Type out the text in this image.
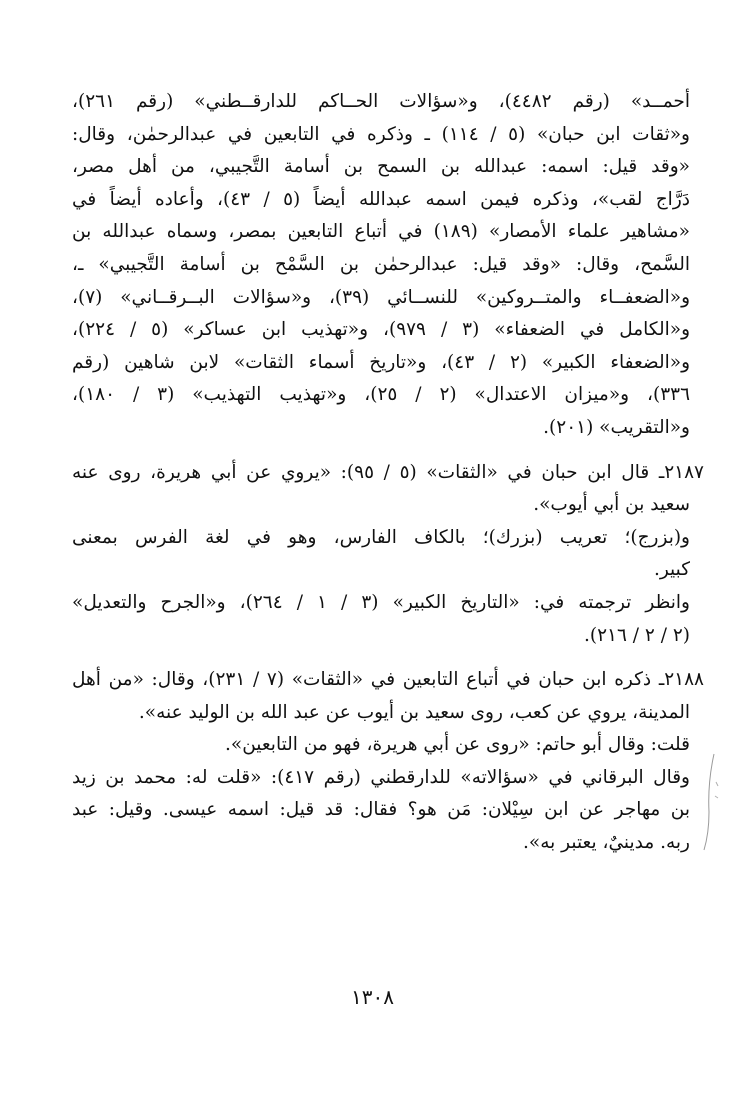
أحمــد» (رقم ٤٤٨٢)، و«سؤالات الحــاكم للدارقــطني» (رقم ٢٦١)،
و«ثقات ابن حبان» (٥ / ١١٤) ـ وذكره في التابعين في عبدالرحمٰن، وقال:
«وقد قيل: اسمه: عبدالله بن السمح بن أسامة التَّجيبي، من أهل مصر،
دَرَّاج لقب»، وذكره فيمن اسمه عبدالله أيضاً (٥ / ٤٣)، وأعاده أيضاً في
«مشاهير علماء الأمصار» (١٨٩) في أتباع التابعين بمصر، وسماه عبدالله بن
السَّمح، وقال: «وقد قيل: عبدالرحمٰن بن السَّمْح بن أسامة التَّجيبي» ـ،
و«الضعفــاء والمتــروكين» للنســائي (٣٩)، و«سؤالات البــرقــاني» (٧)،
و«الكامل في الضعفاء» (٣ / ٩٧٩)، و«تهذيب ابن عساكر» (٥ / ٢٢٤)،
و«الضعفاء الكبير» (٢ / ٤٣)، و«تاريخ أسماء الثقات» لابن شاهين (رقم
٣٣٦)، و«ميزان الاعتدال» (٢ / ٢٥)، و«تهذيب التهذيب» (٣ / ١٨٠)،
و«التقريب» (٢٠١).
٢١٨٧ـ قال ابن حبان في «الثقات» (٥ / ٩٥): «يروي عن أبي هريرة، روى عنه
سعيد بن أبي أيوب».
و(بزرج)؛ تعريب (بزرك)؛ بالكاف الفارس، وهو في لغة الفرس بمعنى
كبير.
وانظر ترجمته في: «التاريخ الكبير» (٣ / ١ / ٢٦٤)، و«الجرح والتعديل»
(٢ / ٢ / ٢١٦).
٢١٨٨ـ ذكره ابن حبان في أتباع التابعين في «الثقات» (٧ / ٢٣١)، وقال: «من أهل
المدينة، يروي عن كعب، روى سعيد بن أيوب عن عبد الله بن الوليد عنه».
قلت: وقال أبو حاتم: «روى عن أبي هريرة، فهو من التابعين».
وقال البرقاني في «سؤالاته» للدارقطني (رقم ٤١٧): «قلت له: محمد بن زيد
بن مهاجر عن ابن سِيْلان: مَن هو؟ فقال: قد قيل: اسمه عيسى. وقيل: عبد
ربه. مدينيٌ، يعتبر به».
١٣٠٨
